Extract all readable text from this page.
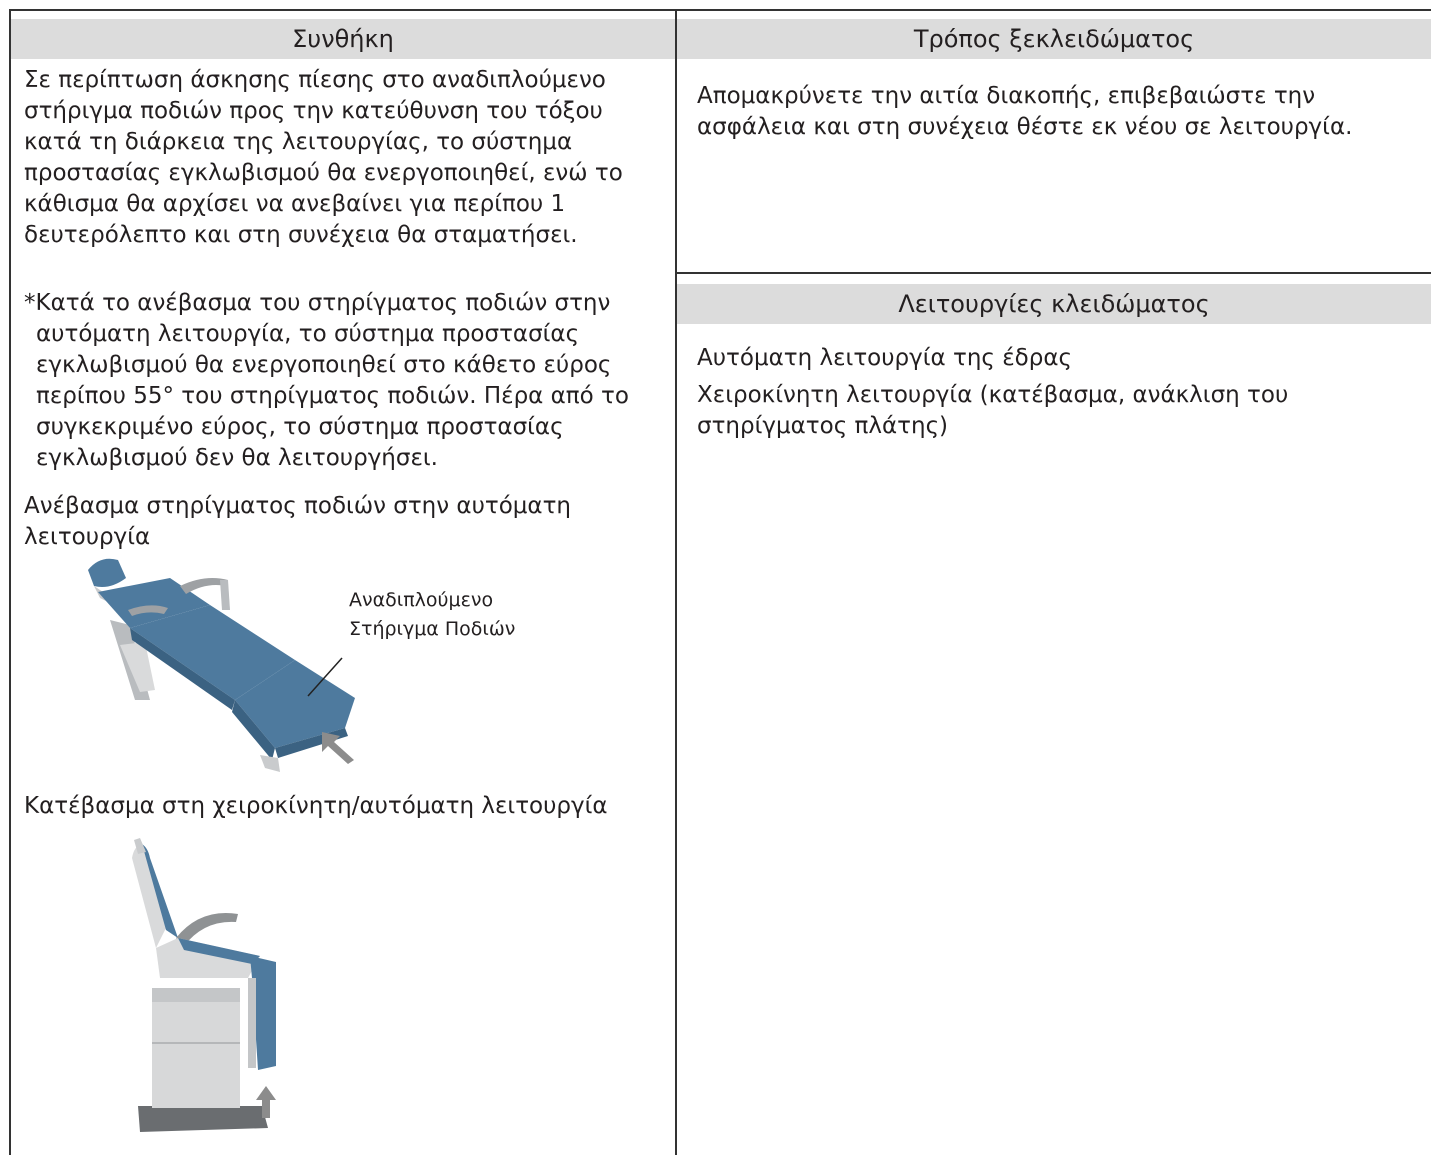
Συνθήκη	Τρόπος ξεκλειδώματος
Λειτουργίες κλειδώματος

Σε περίπτωση άσκησης πίεσης στο αναδιπλούμενο στήριγμα ποδιών προς την κατεύθυνση του τόξου κατά τη διάρκεια της λειτουργίας, το σύστημα προστασίας εγκλωβισμού θα ενεργοποιηθεί, ενώ το κάθισμα θα αρχίσει να ανεβαίνει για περίπου 1 δευτερόλεπτο και στη συνέχεια θα σταματήσει.

*Κατά το ανέβασμα του στηρίγματος ποδιών στην
αυτόματη λειτουργία, το σύστημα προστασίας εγκλωβισμού θα ενεργοποιηθεί στο κάθετο εύρος περίπου 55° του στηρίγματος ποδιών. Πέρα από το συγκεκριμένο εύρος, το σύστημα προστασίας εγκλωβισμού δεν θα λειτουργήσει.

Ανέβασμα στηρίγματος ποδιών στην αυτόματη λειτουργία

Αναδιπλούμενο
Στήριγμα Ποδιών

Κατέβασμα στη χειροκίνητη/αυτόματη λειτουργία

Απομακρύνετε την αιτία διακοπής, επιβεβαιώστε την ασφάλεια και στη συνέχεια θέστε εκ νέου σε λειτουργία.

Αυτόματη λειτουργία της έδρας

Χειροκίνητη λειτουργία (κατέβασμα, ανάκλιση του στηρίγματος πλάτης)
